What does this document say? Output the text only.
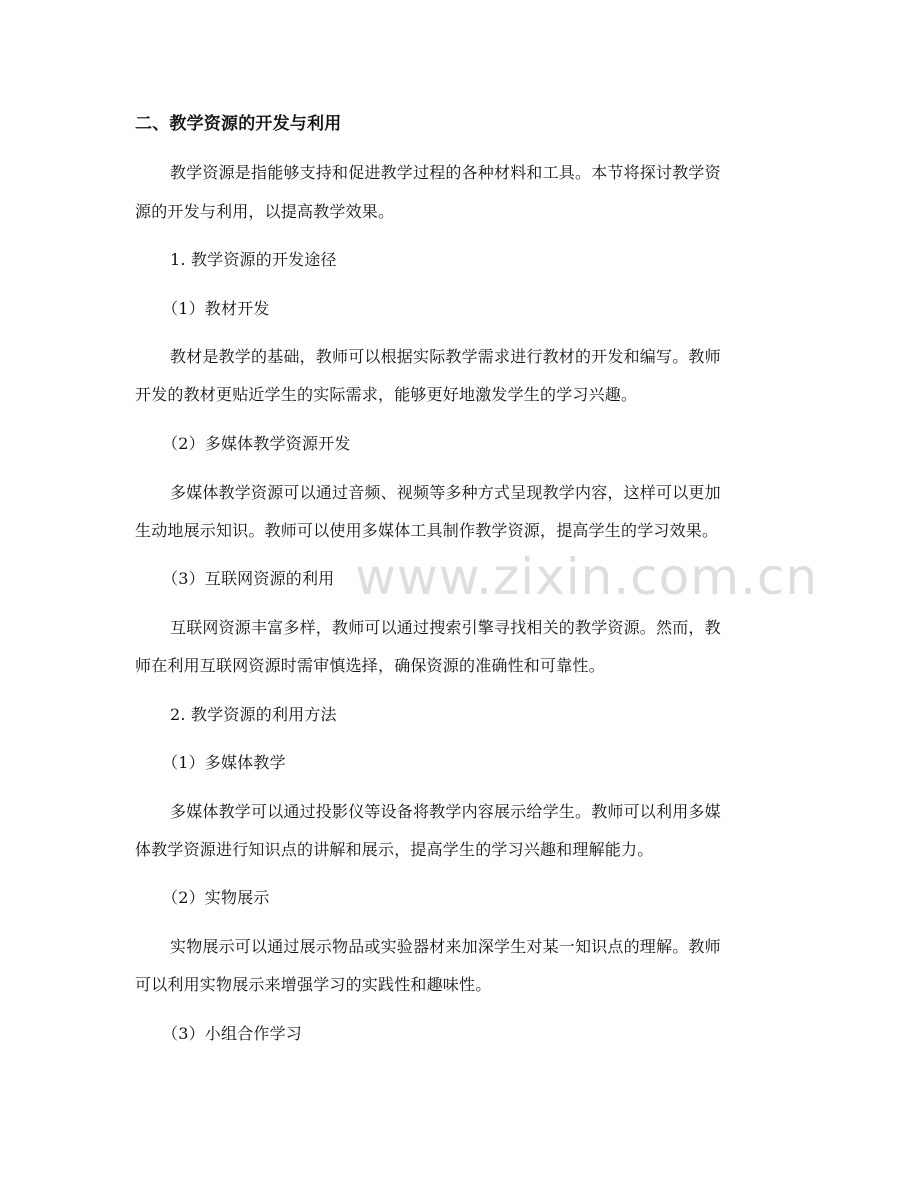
二、教学资源的开发与利用
教学资源是指能够支持和促进教学过程的各种材料和工具。本节将探讨教学资
源的开发与利用，以提高教学效果。
1. 教学资源的开发途径
（1）教材开发
教材是教学的基础，教师可以根据实际教学需求进行教材的开发和编写。教师
开发的教材更贴近学生的实际需求，能够更好地激发学生的学习兴趣。
（2）多媒体教学资源开发
多媒体教学资源可以通过音频、视频等多种方式呈现教学内容，这样可以更加
生动地展示知识。教师可以使用多媒体工具制作教学资源，提高学生的学习效果。
（3）互联网资源的利用
互联网资源丰富多样，教师可以通过搜索引擎寻找相关的教学资源。然而，教
师在利用互联网资源时需审慎选择，确保资源的准确性和可靠性。
2. 教学资源的利用方法
（1）多媒体教学
多媒体教学可以通过投影仪等设备将教学内容展示给学生。教师可以利用多媒
体教学资源进行知识点的讲解和展示，提高学生的学习兴趣和理解能力。
（2）实物展示
实物展示可以通过展示物品或实验器材来加深学生对某一知识点的理解。教师
可以利用实物展示来增强学习的实践性和趣味性。
（3）小组合作学习
www.zixin.com.cn
